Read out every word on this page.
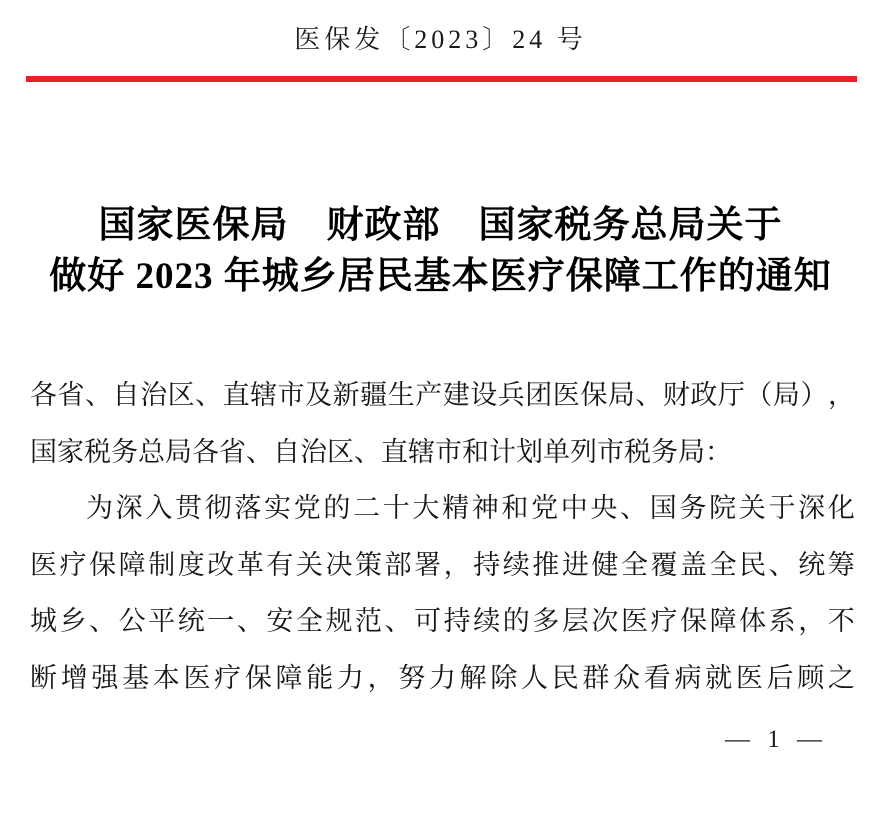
医保发〔2023〕24 号
国家医保局　财政部　国家税务总局关于
做好 2023 年城乡居民基本医疗保障工作的通知
各 省 、 自 治 区 、 直 辖 市 及 新 疆 生 产 建 设 兵 团 医 保 局 、 财 政 厅 （ 局 ） ，
国家税务总局各省、自治区、直辖市和计划单列市税务局：
为 深 入 贯 彻 落 实 党 的 二 十 大 精 神 和 党 中 央 、 国 务 院 关 于 深 化
医 疗 保 障 制 度 改 革 有 关 决 策 部 署 ， 持 续 推 进 健 全 覆 盖 全 民 、 统 筹
城 乡 、 公 平 统 一 、 安 全 规 范 、 可 持 续 的 多 层 次 医 疗 保 障 体 系 ， 不
断 增 强 基 本 医 疗 保 障 能 力 ， 努 力 解 除 人 民 群 众 看 病 就 医 后 顾 之
— 1 —
